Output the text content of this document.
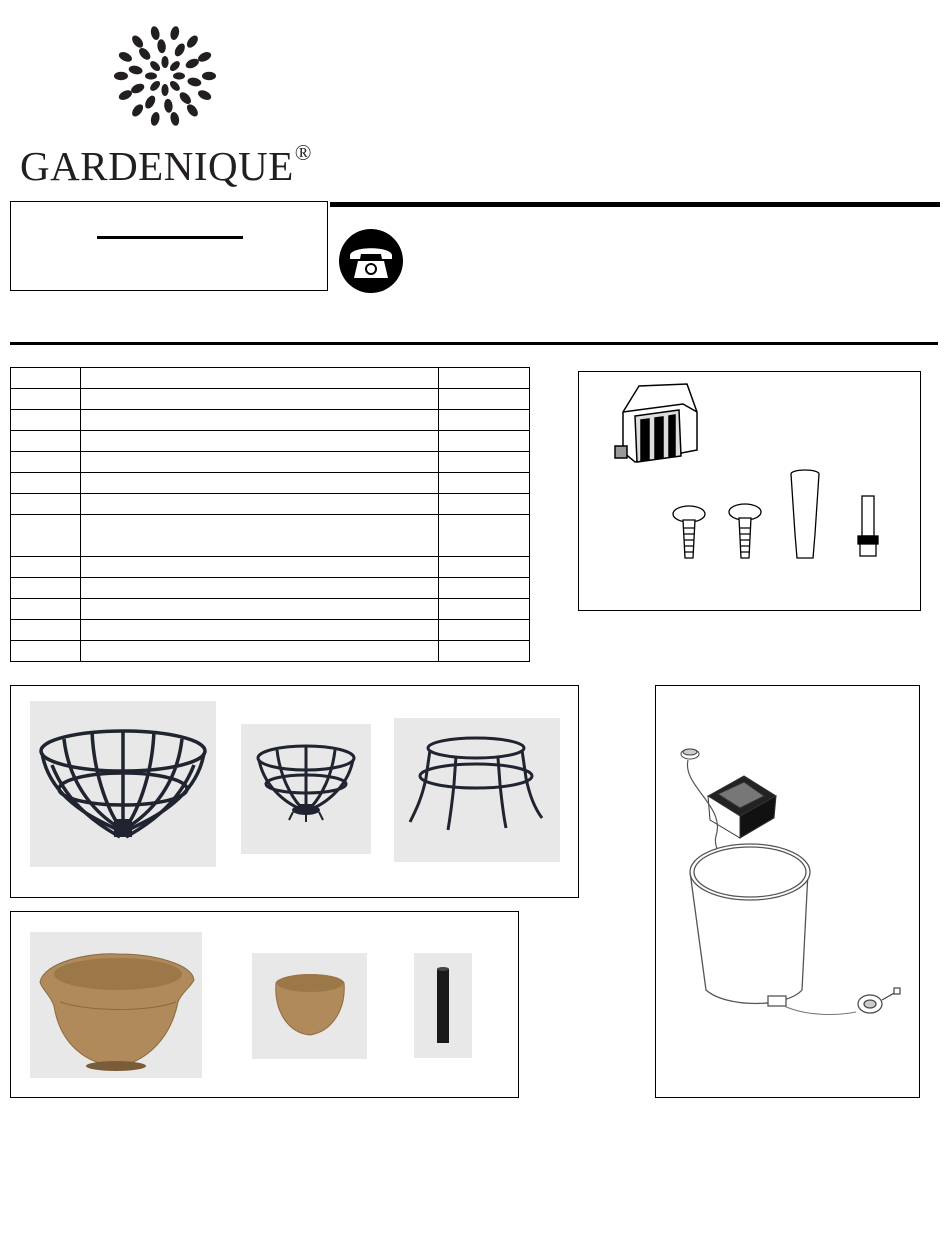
GARDENIQUE®
